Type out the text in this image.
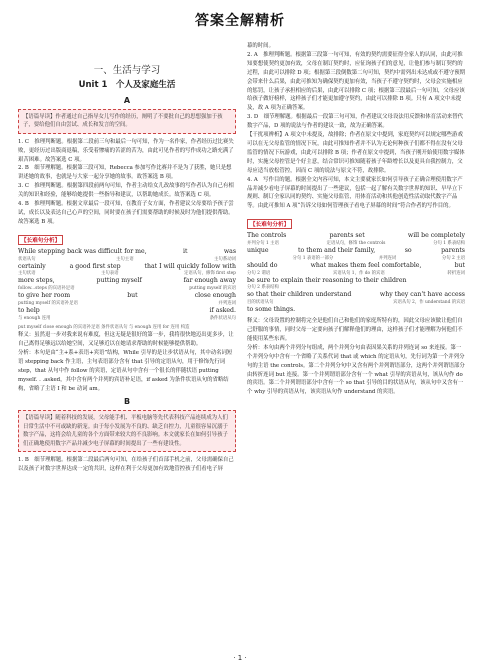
答案全解精析
一、生活与学习
Unit 1　个人及家庭生活
A
【语篇导读】作者通过自己指导女儿写作的经历，阐明了不要批自己的思想强加于孩子，要给他们自由尝试、成长和发言的空间。

1. C　推理判断题。根据第二段前三句和最后一句可知，作为一名作家，作者经历过比赛失败，更经历过出版商退稿，乐受着惨痛的苦涩的苦为，由此可见作者的写作成功之路充满了艰苦困难。故答案选 C 项。

2. B　细节理解题。根据第三段可知，Rebecca 参加写作比赛并不是为了获胜，她只是想讲述她的故事，也就是与大家一起分享她的故事。故答案选 B 项。

3. C　推理判断题。根据第四段前两句可知，作者主动给女儿改故事的写作者认为自己有相关的知识和经验，能够给她提供一些指导和建议，以帮助她成长。故答案选 C 项。

4. B　推理判断题。根据文章最后一段可知，在教育子女方面，作者建议父母要给予孩子尝试，成长以及表达自己心声的空间，同时要在孩子们需要帮助的时候及时为他们提供帮助。故答案选 B 项。

【长难句分析】
While stepping back was difficult for me,	it	was
状语从句	主句主语	主句系动词
certainly	a good first step	that I will quickly follow with
主句状语	主句表语	定语从句，修饰 first step
more steps,	putting myself	far enough away
follow...steps 的宾语补足语	putting myself 的宾语
to give her room	but	close enough
putting myself 的宾语补足语	并列连词
to help	if asked.
与 enough 连用	条件状语从句

put myself close enough 的宾语补足语 条件状语从句 与 enough 连用 for 连用 构造

释义：虽然退一步对我来说有难度，但这无疑是很好的第一步，我将很快地迈出更多步，让自己离得足够远以给她空间，又足够近以在她请求帮助的时候能够提供帮助。

分析：本句是由“主+系+表语+宾语”结构，While 引导的是让步状语从句，其中动名词短语 stepping back 作主语，主句表语部分含有 that 引导的定语从句，用于修饰先行词 step，that 从句中作 follow 的宾语，定语从句中含有一个很长的伴随状语 putting myself. . .asked，其中含有两个并列的宾语补足语，if asked 为条件状语从句的省略结构，省略了主语 I 和 be 动词 am。

B
【语篇导读】随着科技的发展，父母能手机、平板电脑等先代表科技产品连续成为人们日常生活中不可或缺的新宠。由于每小发展为不良的、缺乏自控力，儿童很容易沉溺于数字产品，这将会给儿童的各个方面带来较大的不良影响。本文就家长在如何引导孩子们正确地使用数字产品并减少电子屏幕的时间提出了一些有建设性。

1. B　细节理解题。根据第二段最后两句可知，在给孩子们首部手机之前，父母需确保自己以及孩子对数字世界达成一定的共识，这样在利于父母更加有效地管控孩子们看电子屏

幕的时间。

2. A　推理判断题。根据第三段第一句可知，有效的契约需要征得全家人的认同，由此可推知要想使契约更加有效，父母在制订契约时，应征询孩子们的意见，让他们参与制订契约的过程，由此可以排除 D 项；根据第三段倒数第二句可知，契约中需列出未达成或不遵守预期会带来什么后果，由此可推知为确保契约更加有效，当孩子不遵守契约时，父母会实施相应的惩罚，让孩子承担相应的后果，由此可以排除 C 项；根据第三段最后一句可知，父母应该给孩子做好榜样，这样孩子们才能更加遵守契约，由此可以排除 B 项。只有 A 项文中未提及，故 A 项为正确答案。

3. D　细节理解题。根据最后一段第三句可知，作者建议父母设法用反馈和体育活动来替代数字产品，D 项的说法与作者的建议一致，故为正确答案。

【干扰项辨析】A 项文中未提及，故排除；作者在原文中提到，家庭契约可以规定哪些游戏可以在无父母监管的情况下玩，由此可推知作者并不认为无论何种孩子们都不得在没有父母监管的情况下玩游戏，由此可以排除 B 项；作者在原文中提到，当孩子刚开始使用数字媒体时，实施父母控管是个好主意，结合常识可推知随着孩子年龄增长以及更具自我控制力，父母应适当放松管控，因而 C 项的说法与原文不符，故排除。

4. A　写作目的题。根据全文内容可知，本文主要就家长如何引导孩子正确合理使用数字产品并减少看电子屏幕的时间提出了一些建议，包括一起了解有关数字世界的知识、早早立下规则、制订全家认同的契约、实施父母监管，用体育活动和其他创造性活动取代数字产品等。由此可推知 A 项“告诉父母如何管理孩子看电子屏幕的时间”符合作者的写作目的。

【长难句分析】
The controls	parents set	will be completely
并列分句 1 主语	定语从句，修饰 the controls	分句 1 系表结构
unique	to them and their family,	so	parents
分句 1 表语的一部分	并列连词	分句 2 主语
should do	what makes them feel comfortable,	but
分句 2 谓语	宾语从句 1，作 do 的宾语	转折连词
be sure to explain their reasoning to their children
分句 2 系表结构
so that their children understand	why they can't have access
目的状语从句	宾语从句 2，作 understand 的宾语
to some things.

释义：父母设置的控制将完全是他们自己和他们的家庭所特有的，因此父母应该做让他们自己舒服的事情，同时父母一定要向孩子们解释他们的理由，这样孩子们才能理解为何他们不能使用某些东西。

分析：本句由两个并列分句组成，两个并列分句由表因果关系的并列连词 so 来连接。第一个并列分句中含有一个省略了关系代词 that 或 which 的定语从句，先行词为第一个并列分句的主语 the controls。第二个并列分句中又含有两个并列谓语部分，这两个并列谓语部分由转折连词 but 连接。第一个并列谓语部分含有一个 what 引导的宾语从句，该从句作 do 的宾语。第二个并列谓语部分中含有一个 so that 引导的目的状语从句，该从句中又含有一个 why 引导的宾语从句，该宾语从句作 understand 的宾语。

· 1 ·
